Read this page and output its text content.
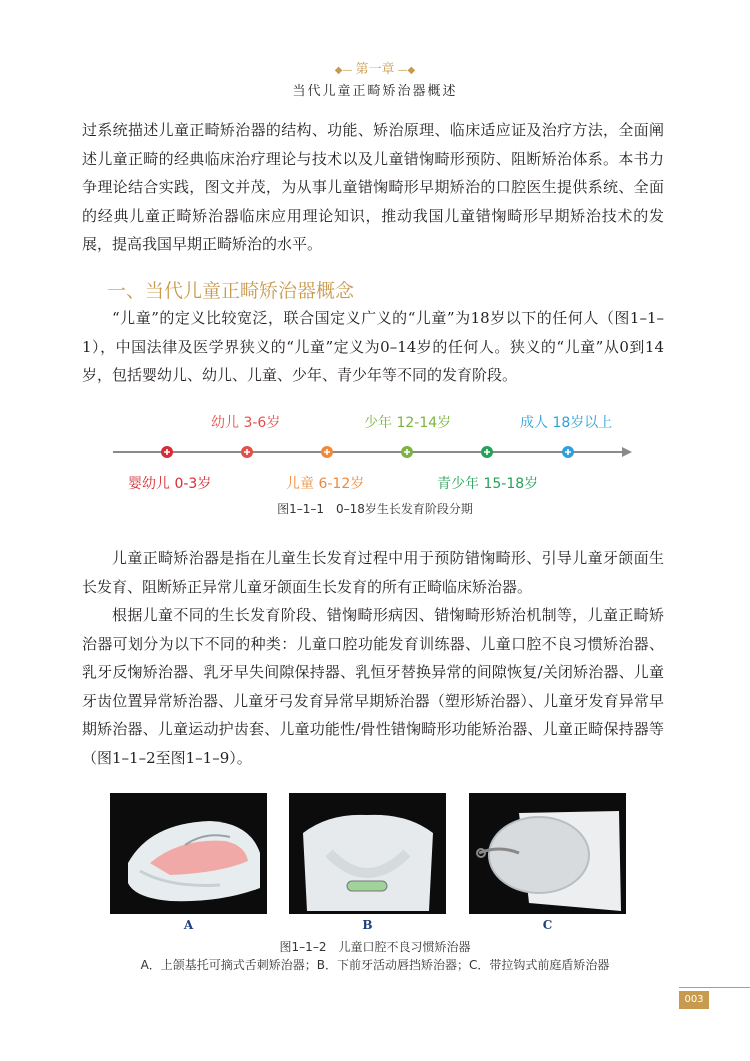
◆— 第一章 —◆
当代儿童正畸矫治器概述

过系统描述儿童正畸矫治器的结构、功能、矫治原理、临床适应证及治疗方法，全面阐述儿童正畸的经典临床治疗理论与技术以及儿童错㥌畸形预防、阻断矫治体系。本书力争理论结合实践，图文并茂，为从事儿童错㥌畸形早期矫治的口腔医生提供系统、全面的经典儿童正畸矫治器临床应用理论知识，推动我国儿童错㥌畸形早期矫治技术的发展，提高我国早期正畸矫治的水平。

一、当代儿童正畸矫治器概念

“儿童”的定义比较宽泛，联合国定义广义的“儿童”为18岁以下的任何人（图1–1–1），中国法律及医学界狭义的“儿童”定义为0–14岁的任何人。狭义的“儿童”从0到14岁，包括婴幼儿、幼儿、儿童、少年、青少年等不同的发育阶段。

婴幼儿 0-3岁
幼儿 3-6岁
儿童 6-12岁
少年 12-14岁
青少年 15-18岁
成人 18岁以上
图1–1–1　0–18岁生长发育阶段分期

儿童正畸矫治器是指在儿童生长发育过程中用于预防错㥌畸形、引导儿童牙颌面生长发育、阻断矫正异常儿童牙颌面生长发育的所有正畸临床矫治器。

根据儿童不同的生长发育阶段、错㥌畸形病因、错㥌畸形矫治机制等，儿童正畸矫治器可划分为以下不同的种类：儿童口腔功能发育训练器、儿童口腔不良习惯矫治器、乳牙反㥌矫治器、乳牙早失间隙保持器、乳恒牙替换异常的间隙恢复/关闭矫治器、儿童牙齿位置异常矫治器、儿童牙弓发育异常早期矫治器（塑形矫治器）、儿童牙发育异常早期矫治器、儿童运动护齿套、儿童功能性/骨性错㥌畸形功能矫治器、儿童正畸保持器等（图1–1–2至图1–1–9）。

A	B	C
图1–1–2　儿童口腔不良习惯矫治器
A．上颌基托可摘式舌刺矫治器；B．下前牙活动唇挡矫治器；C．带拉钩式前庭盾矫治器
003
